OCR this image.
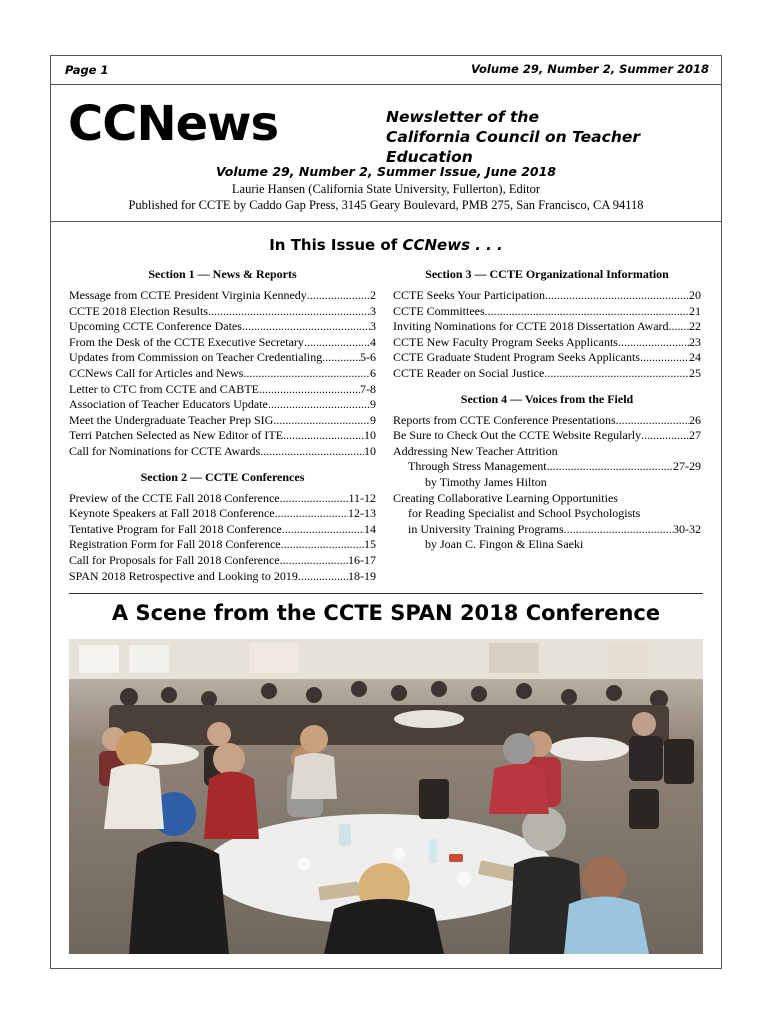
Page 1	Volume 29, Number 2, Summer 2018
CCNews	Newsletter of the
California Council on Teacher Education
Volume 29, Number 2, Summer Issue, June 2018
Laurie Hansen (California State University, Fullerton), Editor
Published for CCTE by Caddo Gap Press, 3145 Geary Boulevard, PMB 275, San Francisco, CA 94118
In This Issue of CCNews . . .
Section 1 — News & Reports
Message from CCTE President Virginia Kennedy .....	2
CCTE 2018 Election Results .....	3
Upcoming CCTE Conference Dates .....	3
From the Desk of the CCTE Executive Secretary .....	4
Updates from Commission on Teacher Credentialing .....	5-6
CCNews Call for Articles and News .....	6
Letter to CTC from CCTE and CABTE .....	7-8
Association of Teacher Educators Update .....	9
Meet the Undergraduate Teacher Prep SIG .....	9
Terri Patchen Selected as New Editor of ITE .....	10
Call for Nominations for CCTE Awards .....	10
Section 2 — CCTE Conferences
Preview of the CCTE Fall 2018 Conference .....	11-12
Keynote Speakers at Fall 2018 Conference .....	12-13
Tentative Program for Fall 2018 Conference .....	14
Registration Form for Fall 2018 Conference .....	15
Call for Proposals for Fall 2018 Conference .....	16-17
SPAN 2018 Retrospective and Looking to 2019 .....	18-19
Section 3 — CCTE Organizational Information
CCTE Seeks Your Participation .....	20
CCTE Committees .....	21
Inviting Nominations for CCTE 2018 Dissertation Award ..... 22
CCTE New Faculty Program Seeks Applicants .....	23
CCTE Graduate Student Program Seeks Applicants .....	24
CCTE Reader on Social Justice .....	25
Section 4 — Voices from the Field
Reports from CCTE Conference Presentations .....	26
Be Sure to Check Out the CCTE Website Regularly .....	27
Addressing New Teacher Attrition
Through Stress Management .....	27-29
by Timothy James Hilton
Creating Collaborative Learning Opportunities
for Reading Specialist and School Psychologists
in University Training Programs .....	30-32
by Joan C. Fingon & Elina Saeki
A Scene from the CCTE SPAN 2018 Conference
